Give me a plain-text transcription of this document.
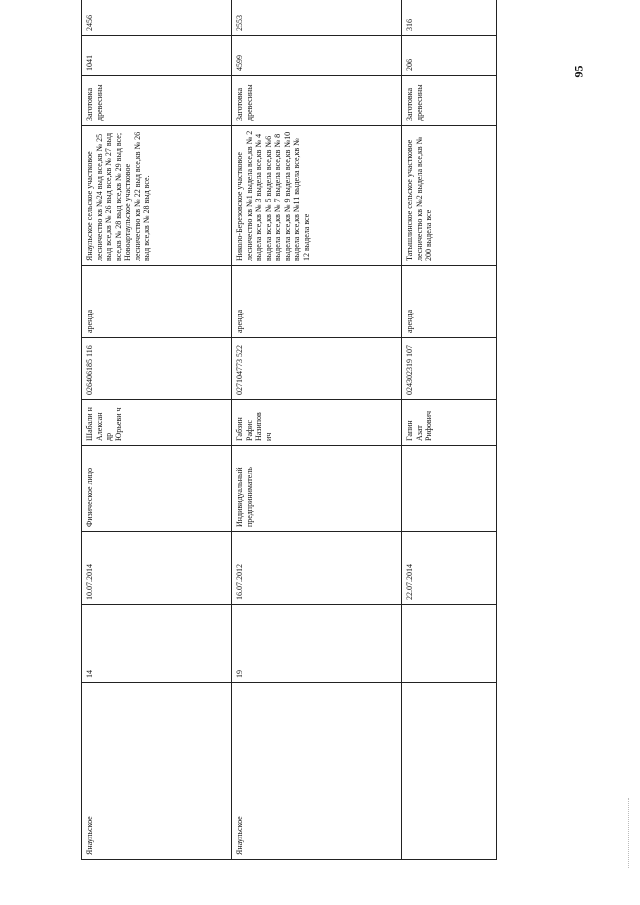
Янаульское	14	10.07.2014	Физическое лицо	Шабали н Алексан др Юрьеви ч	026406185 116	аренда	Янаульское сельское участковое лесничество кв №24 выд все,кв № 25 выд все,кв № 26 выд все,кв № 27 выд все,кв № 28 выд все,кв № 29 выд все; Новоартаульское участковое лесничество кв № 22 выд все,кв № 26 выд все,кв № 28 выд все.	Заготовка древесины	1041	2456
Янаульское	19	16.07.2012	Индивидуальный предприниматель	Габзин Рафис Назипов ич	027104773 522	аренда	Николо-Березовское участковое лесничество кв №1 выдела все,кв № 2 выдела все,кв № 3 выдела все,кв № 4 выдела все,кв № 5 выдела все,кв №6 выдела все,кв № 7 выдела все,кв № 8 выдела все,кв № 9 выдела все,кв №10 выдела все,кв №11 выдела все,кв № 12 выдела все	Заготовка древесины	4599	2553
		22.07.2014		Гапин Азат Рифович	024302319 107	аренда	Татышлинское сельское участковое лесничество кв №2 выдела все,кв № 200 выдела все	Заготовка древесины	206	316
95
